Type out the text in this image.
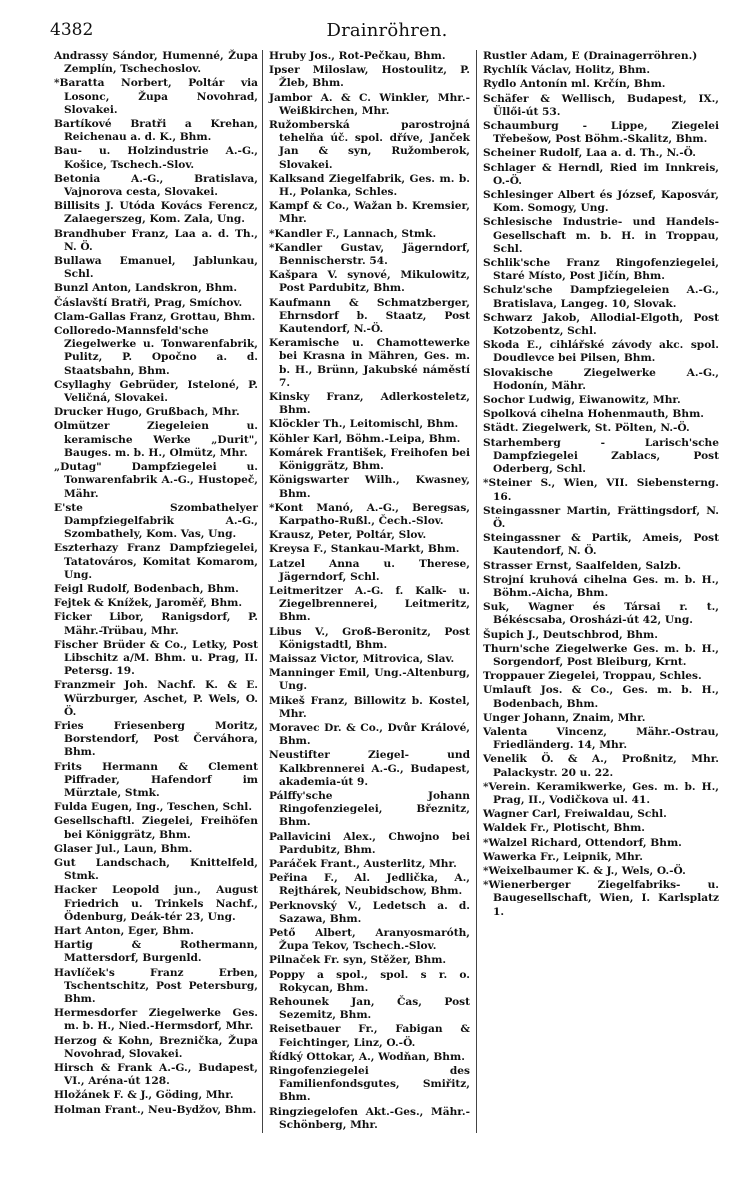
4382	Drainröhren.

Andrassy Sándor, Humenné, Župa Zemplín, Tschechoslov.

*Baratta Norbert, Poltár via Losonc, Župa Novohrad, Slovakei.

Bartíkové Bratři a Krehan, Reichenau a. d. K., Bhm.

Bau- u. Holzindustrie A.-G., Košice, Tschech.-Slov.

Betonia A.-G., Bratislava, Vajnorova cesta, Slovakei.

Billisits J. Utóda Kovács Ferencz, Zalaegerszeg, Kom. Zala, Ung.

Brandhuber Franz, Laa a. d. Th., N. Ö.

Bullawa Emanuel, Jablunkau, Schl.

Bunzl Anton, Landskron, Bhm.

Čáslavští Bratři, Prag, Smíchov.

Clam-Gallas Franz, Grottau, Bhm.

Colloredo-Mannsfeld'sche Ziegelwerke u. Tonwarenfabrik, Pulitz, P. Opočno a. d. Staatsbahn, Bhm.

Csyllaghy Gebrüder, Isteloné, P. Veličná, Slovakei.

Drucker Hugo, Grußbach, Mhr.

Olmützer Ziegeleien u. keramische Werke „Durit", Bauges. m. b. H., Olmütz, Mhr.

„Dutag" Dampfziegelei u. Tonwarenfabrik A.-G., Hustopeč, Mähr.

E'ste Szombathelyer Dampfziegelfabrik A.-G., Szombathely, Kom. Vas, Ung.

Eszterhazy Franz Dampfziegelei, Tatatováros, Komitat Komarom, Ung.

Feigl Rudolf, Bodenbach, Bhm.

Fejtek & Knížek, Jaroměř, Bhm.

Ficker Libor, Ranigsdorf, P. Mähr.-Trübau, Mhr.

Fischer Brüder & Co., Letky, Post Libschitz a/M. Bhm. u. Prag, II. Petersg. 19.

Franzmeir Joh. Nachf. K. & E. Würzburger, Aschet, P. Wels, O. Ö.

Fries Friesenberg Moritz, Borstendorf, Post Červáhora, Bhm.

Frits Hermann & Clement Piffrader, Hafendorf im Mürztale, Stmk.

Fulda Eugen, Ing., Teschen, Schl.

Gesellschaftl. Ziegelei, Freihöfen bei Königgrätz, Bhm.

Glaser Jul., Laun, Bhm.

Gut Landschach, Knittelfeld, Stmk.

Hacker Leopold jun., August Friedrich u. Trinkels Nachf., Ödenburg, Deák-tér 23, Ung.

Hart Anton, Eger, Bhm.

Hartig & Rothermann, Mattersdorf, Burgenld.

Havlíček's Franz Erben, Tschentschitz, Post Petersburg, Bhm.

Hermesdorfer Ziegelwerke Ges. m. b. H., Nied.-Hermsdorf, Mhr.

Herzog & Kohn, Breznička, Župa Novohrad, Slovakei.

Hirsch & Frank A.-G., Budapest, VI., Aréna-út 128.

Hložánek F. & J., Göding, Mhr.

Holman Frant., Neu-Bydžov, Bhm.

Hruby Jos., Rot-Pečkau, Bhm.

Ipser Miloslaw, Hostoulitz, P. Žleb, Bhm.

Jambor A. & C. Winkler, Mhr.-Weißkirchen, Mhr.

Ružomberská parostrojná tehelňa úč. spol. dříve, Janček Jan & syn, Ružomberok, Slovakei.

Kalksand Ziegelfabrik, Ges. m. b. H., Polanka, Schles.

Kampf & Co., Wažan b. Kremsier, Mhr.

*Kandler F., Lannach, Stmk.

*Kandler Gustav, Jägerndorf, Bennischerstr. 54.

Kašpara V. synové, Mikulowitz, Post Pardubitz, Bhm.

Kaufmann & Schmatzberger, Ehrnsdorf b. Staatz, Post Kautendorf, N.-Ö.

Keramische u. Chamottewerke bei Krasna in Mähren, Ges. m. b. H., Brünn, Jakubské náměstí 7.

Kinsky Franz, Adlerkosteletz, Bhm.

Klöckler Th., Leitomischl, Bhm.

Köhler Karl, Böhm.-Leipa, Bhm.

Komárek František, Freihofen bei Königgrätz, Bhm.

Königswarter Wilh., Kwasney, Bhm.

*Kont Manó, A.-G., Beregsas, Karpatho-Rußl., Čech.-Slov.

Krausz, Peter, Poltár, Slov.

Kreysa F., Stankau-Markt, Bhm.

Latzel Anna u. Therese, Jägerndorf, Schl.

Leitmeritzer A.-G. f. Kalk- u. Ziegelbrennerei, Leitmeritz, Bhm.

Libus V., Groß-Beronitz, Post Königstadtl, Bhm.

Maissaz Victor, Mitrovica, Slav.

Manninger Emil, Ung.-Altenburg, Ung.

Mikeš Franz, Billowitz b. Kostel, Mhr.

Moravec Dr. & Co., Dvůr Králové, Bhm.

Neustifter Ziegel- und Kalkbrennerei A.-G., Budapest, akademia-út 9.

Pálffy'sche Johann Ringofenziegelei, Březnitz, Bhm.

Pallavicini Alex., Chwojno bei Pardubitz, Bhm.

Paráček Frant., Austerlitz, Mhr.

Peřina F., Al. Jedlička, A., Rejthárek, Neubidschow, Bhm.

Perknovský V., Ledetsch a. d. Sazawa, Bhm.

Pető Albert, Aranyosmaróth, Župa Tekov, Tschech.-Slov.

Pilnaček Fr. syn, Stěžer, Bhm.

Poppy a spol., spol. s r. o. Rokycan, Bhm.

Rehounek Jan, Čas, Post Sezemitz, Bhm.

Reisetbauer Fr., Fabigan & Feichtinger, Linz, O.-Ö.

Řídký Ottokar, A., Wodňan, Bhm.

Ringofenziegelei des Familienfondsgutes, Smiřitz, Bhm.

Ringziegelofen Akt.-Ges., Mähr.-Schönberg, Mhr.

Rustler Adam, E (Drainagerröhren.)

Rychlík Václav, Holitz, Bhm.

Rydlo Antonín ml. Krčín, Bhm.

Schäfer & Wellisch, Budapest, IX., Üllői-út 53.

Schaumburg - Lippe, Ziegelei Třebešow, Post Böhm.-Skalitz, Bhm.

Scheiner Rudolf, Laa a. d. Th., N.-Ö.

Schlager & Herndl, Ried im Innkreis, O.-Ö.

Schlesinger Albert és József, Kaposvár, Kom. Somogy, Ung.

Schlesische Industrie- und Handels-Gesellschaft m. b. H. in Troppau, Schl.

Schlik'sche Franz Ringofenziegelei, Staré Místo, Post Jičín, Bhm.

Schulz'sche Dampfziegeleien A.-G., Bratislava, Langeg. 10, Slovak.

Schwarz Jakob, Allodial-Elgoth, Post Kotzobentz, Schl.

Skoda E., cihlářské závody akc. spol. Doudlevce bei Pilsen, Bhm.

Slovakische Ziegelwerke A.-G., Hodonín, Mähr.

Sochor Ludwig, Eiwanowitz, Mhr.

Spolková cihelna Hohenmauth, Bhm.

Städt. Ziegelwerk, St. Pölten, N.-Ö.

Starhemberg - Larisch'sche Dampfziegelei Zablacs, Post Oderberg, Schl.

*Steiner S., Wien, VII. Siebensterng. 16.

Steingassner Martin, Frättingsdorf, N. Ö.

Steingassner & Partik, Ameis, Post Kautendorf, N. Ö.

Strasser Ernst, Saalfelden, Salzb.

Strojní kruhová cihelna Ges. m. b. H., Böhm.-Aicha, Bhm.

Suk, Wagner és Társai r. t., Békéscsaba, Orosházi-út 42, Ung.

Šupich J., Deutschbrod, Bhm.

Thurn'sche Ziegelwerke Ges. m. b. H., Sorgendorf, Post Bleiburg, Krnt.

Troppauer Ziegelei, Troppau, Schles.

Umlauft Jos. & Co., Ges. m. b. H., Bodenbach, Bhm.

Unger Johann, Znaim, Mhr.

Valenta Vincenz, Mähr.-Ostrau, Friedländerg. 14, Mhr.

Venelik Ö. & A., Proßnitz, Mhr. Palackystr. 20 u. 22.

*Verein. Keramikwerke, Ges. m. b. H., Prag, II., Vodičkova ul. 41.

Wagner Carl, Freiwaldau, Schl.

Waldek Fr., Plotischt, Bhm.

*Walzel Richard, Ottendorf, Bhm.

Wawerka Fr., Leipnik, Mhr.

*Weixelbaumer K. & J., Wels, O.-Ö.

*Wienerberger Ziegelfabriks- u. Baugesellschaft, Wien, I. Karlsplatz 1.
